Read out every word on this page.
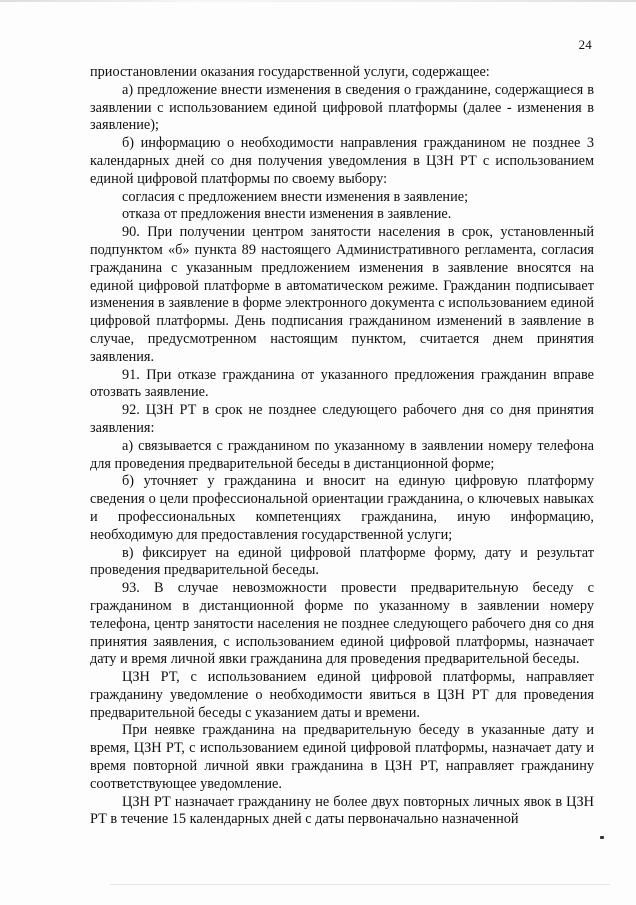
24

приостановлении оказания государственной услуги, содержащее:

а) предложение внести изменения в сведения о гражданине, содержащиеся в заявлении с использованием единой цифровой платформы (далее - изменения в заявление);

б) информацию о необходимости направления гражданином не позднее 3 календарных дней со дня получения уведомления в ЦЗН РТ с использованием единой цифровой платформы по своему выбору:

согласия с предложением внести изменения в заявление;

отказа от предложения внести изменения в заявление.

90. При получении центром занятости населения в срок, установленный подпунктом «б» пункта 89 настоящего Административного регламента, согласия гражданина с указанным предложением изменения в заявление вносятся на единой цифровой платформе в автоматическом режиме. Гражданин подписывает изменения в заявление в форме электронного документа с использованием единой цифровой платформы. День подписания гражданином изменений в заявление в случае, предусмотренном настоящим пунктом, считается днем принятия заявления.

91. При отказе гражданина от указанного предложения гражданин вправе отозвать заявление.

92. ЦЗН РТ в срок не позднее следующего рабочего дня со дня принятия заявления:

а) связывается с гражданином по указанному в заявлении номеру телефона для проведения предварительной беседы в дистанционной форме;

б) уточняет у гражданина и вносит на единую цифровую платформу сведения о цели профессиональной ориентации гражданина, о ключевых навыках и профессиональных компетенциях гражданина, иную информацию, необходимую для предоставления государственной услуги;

в) фиксирует на единой цифровой платформе форму, дату и результат проведения предварительной беседы.

93. В случае невозможности провести предварительную беседу с гражданином в дистанционной форме по указанному в заявлении номеру телефона, центр занятости населения не позднее следующего рабочего дня со дня принятия заявления, с использованием единой цифровой платформы, назначает дату и время личной явки гражданина для проведения предварительной беседы.

ЦЗН РТ, с использованием единой цифровой платформы, направляет гражданину уведомление о необходимости явиться в ЦЗН РТ для проведения предварительной беседы с указанием даты и времени.

При неявке гражданина на предварительную беседу в указанные дату и время, ЦЗН РТ, с использованием единой цифровой платформы, назначает дату и время повторной личной явки гражданина в ЦЗН РТ, направляет гражданину соответствующее уведомление.

ЦЗН РТ назначает гражданину не более двух повторных личных явок в ЦЗН РТ в течение 15 календарных дней с даты первоначально назначенной
